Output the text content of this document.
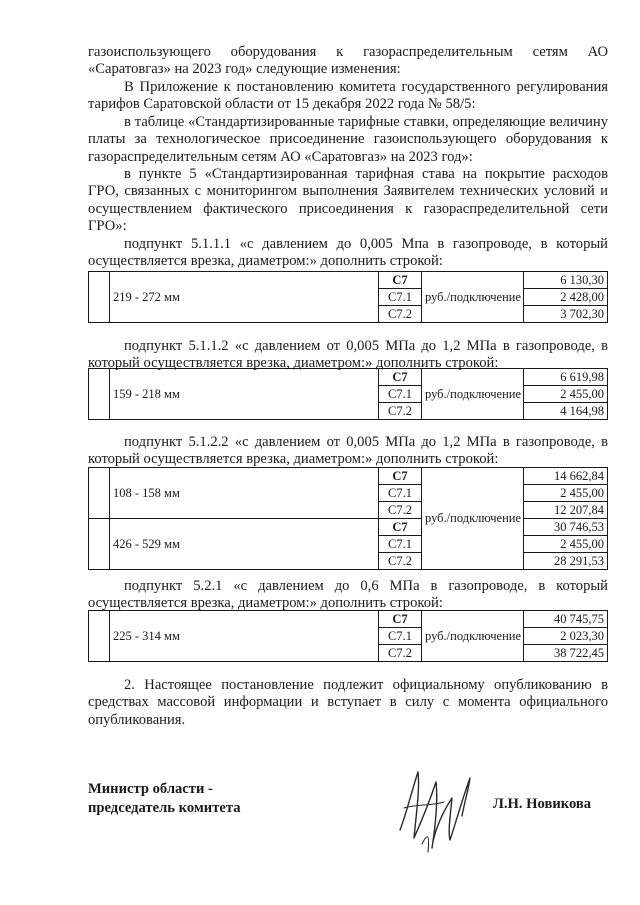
газоиспользующего оборудования к газораспределительным сетям АО «Саратовгаз» на 2023 год» следующие изменения:

В Приложение к постановлению комитета государственного регулирования тарифов Саратовской области от 15 декабря 2022 года № 58/5:

в таблице «Стандартизированные тарифные ставки, определяющие величину платы за технологическое присоединение газоиспользующего оборудования к газораспределительным сетям АО «Саратовгаз» на 2023 год»:

в пункте 5 «Стандартизированная тарифная става на покрытие расходов ГРО, связанных с мониторингом выполнения Заявителем технических условий и осуществлением фактического присоединения к газораспределительной сети ГРО»:

подпункт 5.1.1.1 «с давлением до 0,005 Мпа в газопроводе, в который осуществляется врезка, диаметром:» дополнить строкой:

	219 - 272 мм	С7	руб./подключение	6 130,30
		С7.1		2 428,00
		С7.2		3 702,30

подпункт 5.1.1.2 «с давлением от 0,005 МПа до 1,2 МПа в газопроводе, в который осуществляется врезка, диаметром:» дополнить строкой:

	159 - 218 мм	С7	руб./подключение	6 619,98
		С7.1		2 455,00
		С7.2		4 164,98

подпункт 5.1.2.2 «с давлением от 0,005 МПа до 1,2 МПа в газопроводе, в который осуществляется врезка, диаметром:» дополнить строкой:

	108 - 158 мм	С7	руб./подключение	14 662,84
		С7.1		2 455,00
		С7.2		12 207,84
	426 - 529 мм	С7		30 746,53
		С7.1		2 455,00
		С7.2		28 291,53

подпункт 5.2.1 «с давлением до 0,6 МПа в газопроводе, в который осуществляется врезка, диаметром:» дополнить строкой:

	225 - 314 мм	С7	руб./подключение	40 745,75
		С7.1		2 023,30
		С7.2		38 722,45

2. Настоящее постановление подлежит официальному опубликованию в средствах массовой информации и вступает в силу с момента официального опубликования.

Министр области -
председатель комитета	Л.Н. Новикова
